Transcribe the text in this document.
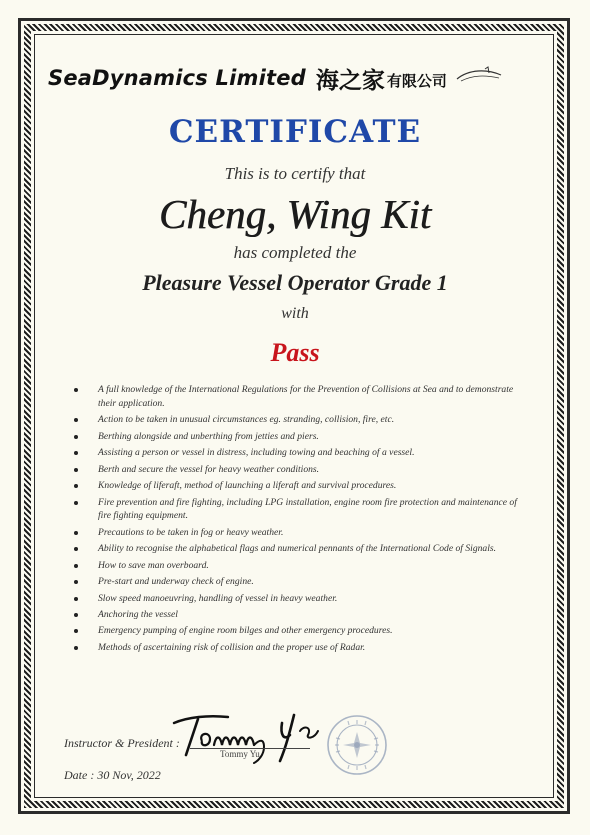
SeaDynamics Limited 海之家 有限公司
CERTIFICATE
This is to certify that
Cheng, Wing Kit
has completed the
Pleasure Vessel Operator Grade 1
with
Pass
A full knowledge of the International Regulations for the Prevention of Collisions at Sea and to demonstrate their application.
Action to be taken in unusual circumstances eg. stranding, collision, fire, etc.
Berthing alongside and unberthing from jetties and piers.
Assisting a person or vessel in distress, including towing and beaching of a vessel.
Berth and secure the vessel for heavy weather conditions.
Knowledge of liferaft, method of launching a liferaft and survival procedures.
Fire prevention and fire fighting, including LPG installation, engine room fire protection and maintenance of fire fighting equipment.
Precautions to be taken in fog or heavy weather.
Ability to recognise the alphabetical flags and numerical pennants of the International Code of Signals.
How to save man overboard.
Pre-start and underway check of engine.
Slow speed manoeuvring, handling of vessel in heavy weather.
Anchoring the vessel
Emergency pumping of engine room bilges and other emergency procedures.
Methods of ascertaining risk of collision and the proper use of Radar.
Instructor & President :
Tommy Yu
Date : 30 Nov, 2022
